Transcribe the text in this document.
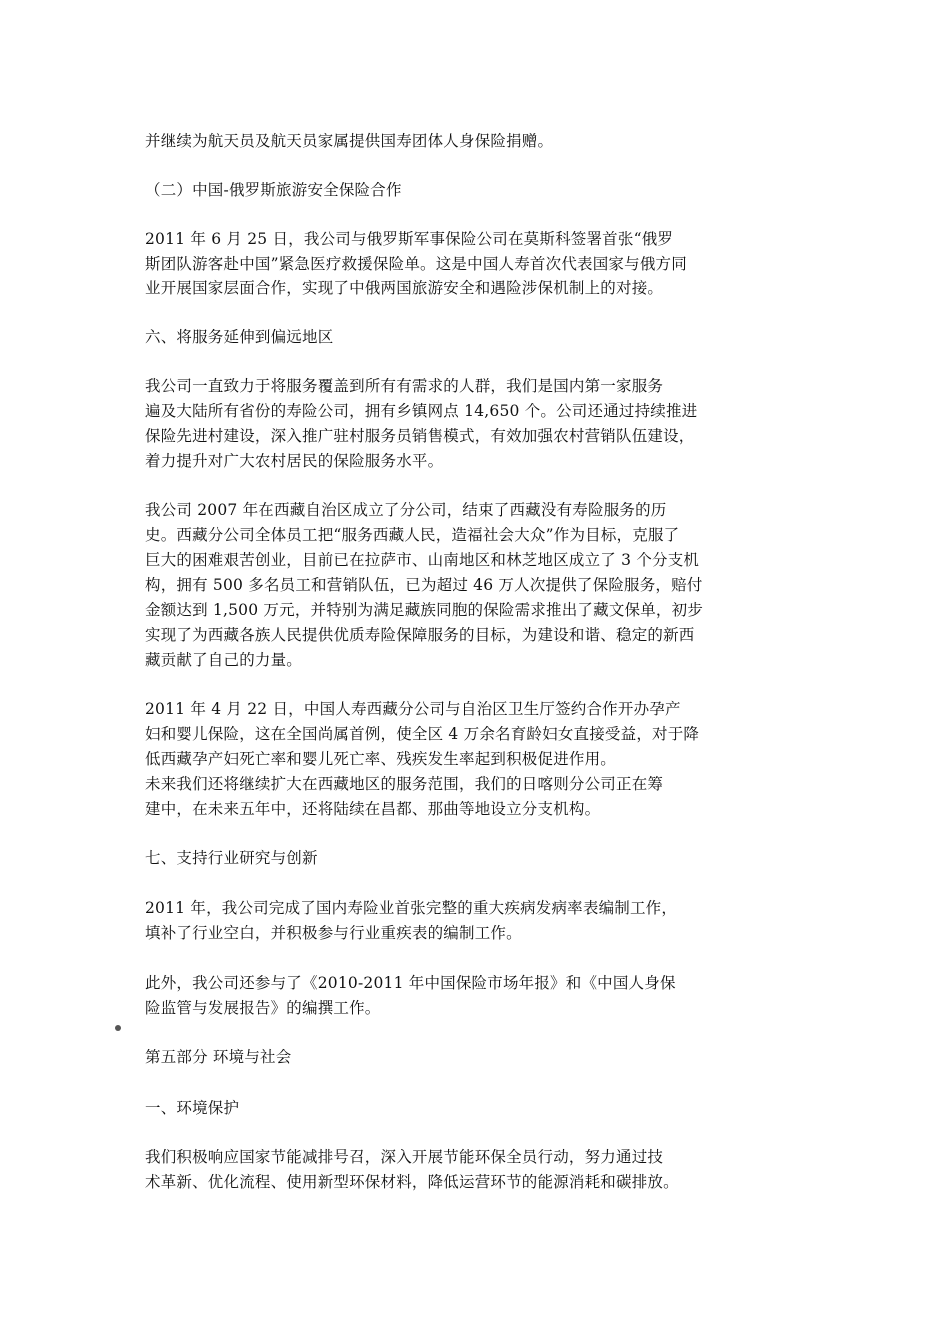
并继续为航天员及航天员家属提供国寿团体人身保险捐赠。
（二）中国-俄罗斯旅游安全保险合作
2011 年 6 月 25 日，我公司与俄罗斯军事保险公司在莫斯科签署首张“俄罗
斯团队游客赴中国”紧急医疗救援保险单。这是中国人寿首次代表国家与俄方同
业开展国家层面合作，实现了中俄两国旅游安全和遇险涉保机制上的对接。
六、将服务延伸到偏远地区
我公司一直致力于将服务覆盖到所有有需求的人群，我们是国内第一家服务
遍及大陆所有省份的寿险公司，拥有乡镇网点 14,650 个。公司还通过持续推进
保险先进村建设，深入推广驻村服务员销售模式，有效加强农村营销队伍建设，
着力提升对广大农村居民的保险服务水平。
我公司 2007 年在西藏自治区成立了分公司，结束了西藏没有寿险服务的历
史。西藏分公司全体员工把“服务西藏人民，造福社会大众”作为目标，克服了
巨大的困难艰苦创业，目前已在拉萨市、山南地区和林芝地区成立了 3 个分支机
构，拥有 500 多名员工和营销队伍，已为超过 46 万人次提供了保险服务，赔付
金额达到 1,500 万元，并特别为满足藏族同胞的保险需求推出了藏文保单，初步
实现了为西藏各族人民提供优质寿险保障服务的目标，为建设和谐、稳定的新西
藏贡献了自己的力量。
2011 年 4 月 22 日，中国人寿西藏分公司与自治区卫生厅签约合作开办孕产
妇和婴儿保险，这在全国尚属首例，使全区 4 万余名育龄妇女直接受益，对于降
低西藏孕产妇死亡率和婴儿死亡率、残疾发生率起到积极促进作用。
未来我们还将继续扩大在西藏地区的服务范围，我们的日喀则分公司正在筹
建中，在未来五年中，还将陆续在昌都、那曲等地设立分支机构。
七、支持行业研究与创新
2011 年，我公司完成了国内寿险业首张完整的重大疾病发病率表编制工作，
填补了行业空白，并积极参与行业重疾表的编制工作。
此外，我公司还参与了《2010-2011 年中国保险市场年报》和《中国人身保
险监管与发展报告》的编撰工作。
第五部分 环境与社会
一、环境保护
我们积极响应国家节能减排号召，深入开展节能环保全员行动，努力通过技
术革新、优化流程、使用新型环保材料，降低运营环节的能源消耗和碳排放。
